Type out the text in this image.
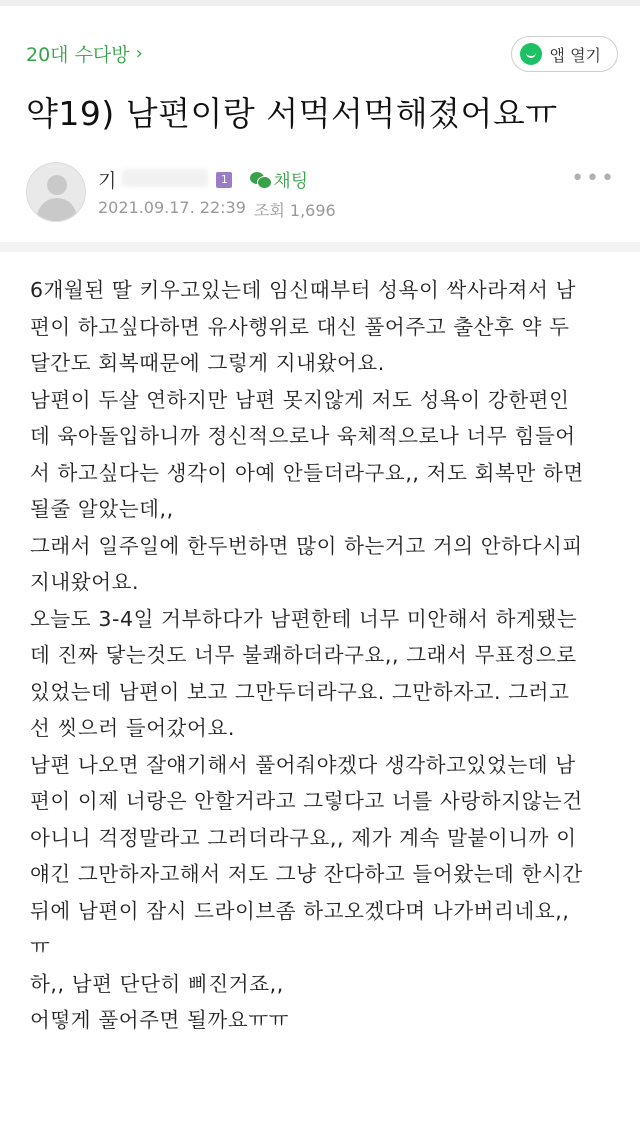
20대 수다방 ›	앱 열기
약19) 남편이랑 서먹서먹해졌어요ㅠ
기	1	채팅
2021.09.17. 22:39 조회 1,696
•••

6개월된 딸 키우고있는데 임신때부터 성욕이 싹사라져서 남
편이 하고싶다하면 유사행위로 대신 풀어주고 출산후 약 두
달간도 회복때문에 그렇게 지내왔어요.

남편이 두살 연하지만 남편 못지않게 저도 성욕이 강한편인
데 육아돌입하니까 정신적으로나 육체적으로나 너무 힘들어
서 하고싶다는 생각이 아예 안들더라구요,, 저도 회복만 하면
될줄 알았는데,,

그래서 일주일에 한두번하면 많이 하는거고 거의 안하다시피
지내왔어요.

오늘도 3-4일 거부하다가 남편한테 너무 미안해서 하게됐는
데 진짜 닿는것도 너무 불쾌하더라구요,, 그래서 무표정으로
있었는데 남편이 보고 그만두더라구요. 그만하자고. 그러고
선 씻으러 들어갔어요.

남편 나오면 잘얘기해서 풀어줘야겠다 생각하고있었는데 남
편이 이제 너랑은 안할거라고 그렇다고 너를 사랑하지않는건
아니니 걱정말라고 그러더라구요,, 제가 계속 말붙이니까 이
얘긴 그만하자고해서 저도 그냥 잔다하고 들어왔는데 한시간
뒤에 남편이 잠시 드라이브좀 하고오겠다며 나가버리네요,,
ㅠ

하,, 남편 단단히 삐진거죠,,

어떻게 풀어주면 될까요ㅠㅠ
